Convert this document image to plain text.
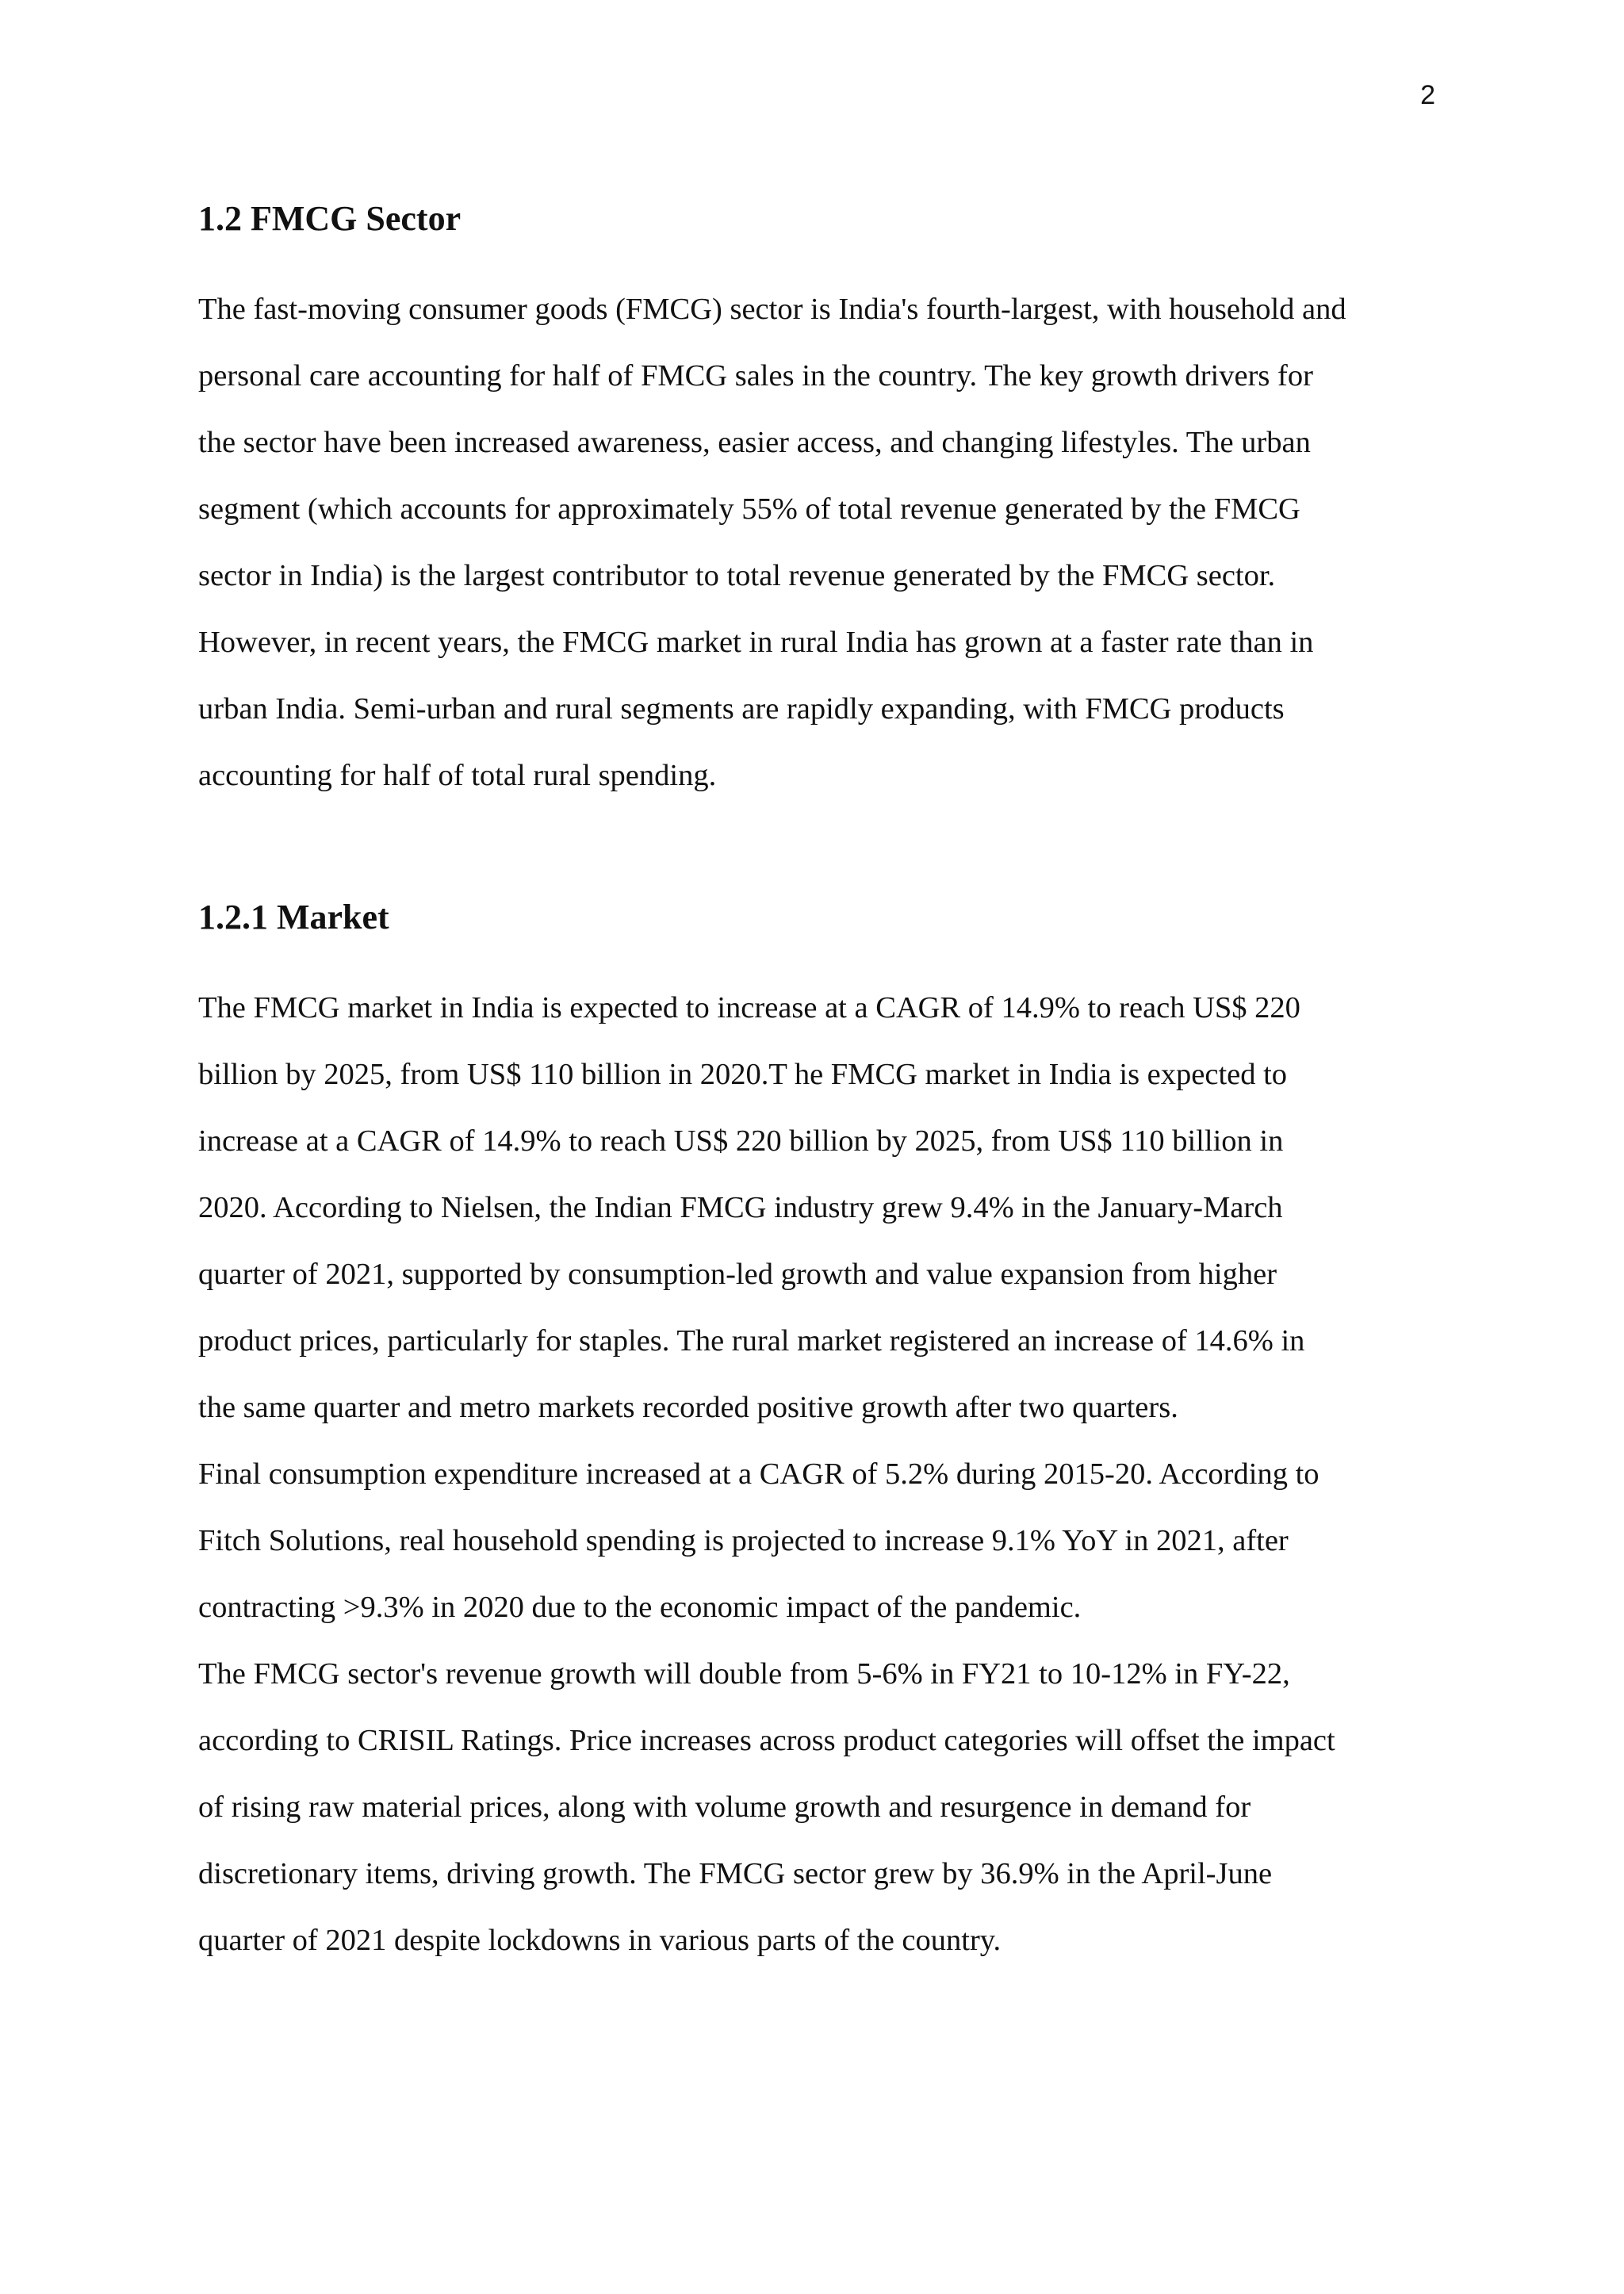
2

1.2 FMCG Sector

The fast-moving consumer goods (FMCG) sector is India's fourth-largest, with household and

personal care accounting for half of FMCG sales in the country. The key growth drivers for

the sector have been increased awareness, easier access, and changing lifestyles. The urban

segment (which accounts for approximately 55% of total revenue generated by the FMCG

sector in India) is the largest contributor to total revenue generated by the FMCG sector.

However, in recent years, the FMCG market in rural India has grown at a faster rate than in

urban India. Semi-urban and rural segments are rapidly expanding, with FMCG products

accounting for half of total rural spending.

1.2.1 Market

The FMCG market in India is expected to increase at a CAGR of 14.9% to reach US$ 220

billion by 2025, from US$ 110 billion in 2020.T he FMCG market in India is expected to

increase at a CAGR of 14.9% to reach US$ 220 billion by 2025, from US$ 110 billion in

2020. According to Nielsen, the Indian FMCG industry grew 9.4% in the January-March

quarter of 2021, supported by consumption-led growth and value expansion from higher

product prices, particularly for staples. The rural market registered an increase of 14.6% in

the same quarter and metro markets recorded positive growth after two quarters.

Final consumption expenditure increased at a CAGR of 5.2% during 2015-20. According to

Fitch Solutions, real household spending is projected to increase 9.1% YoY in 2021, after

contracting >9.3% in 2020 due to the economic impact of the pandemic.

The FMCG sector's revenue growth will double from 5-6% in FY21 to 10-12% in FY-22,

according to CRISIL Ratings. Price increases across product categories will offset the impact

of rising raw material prices, along with volume growth and resurgence in demand for

discretionary items, driving growth. The FMCG sector grew by 36.9% in the April-June

quarter of 2021 despite lockdowns in various parts of the country.
